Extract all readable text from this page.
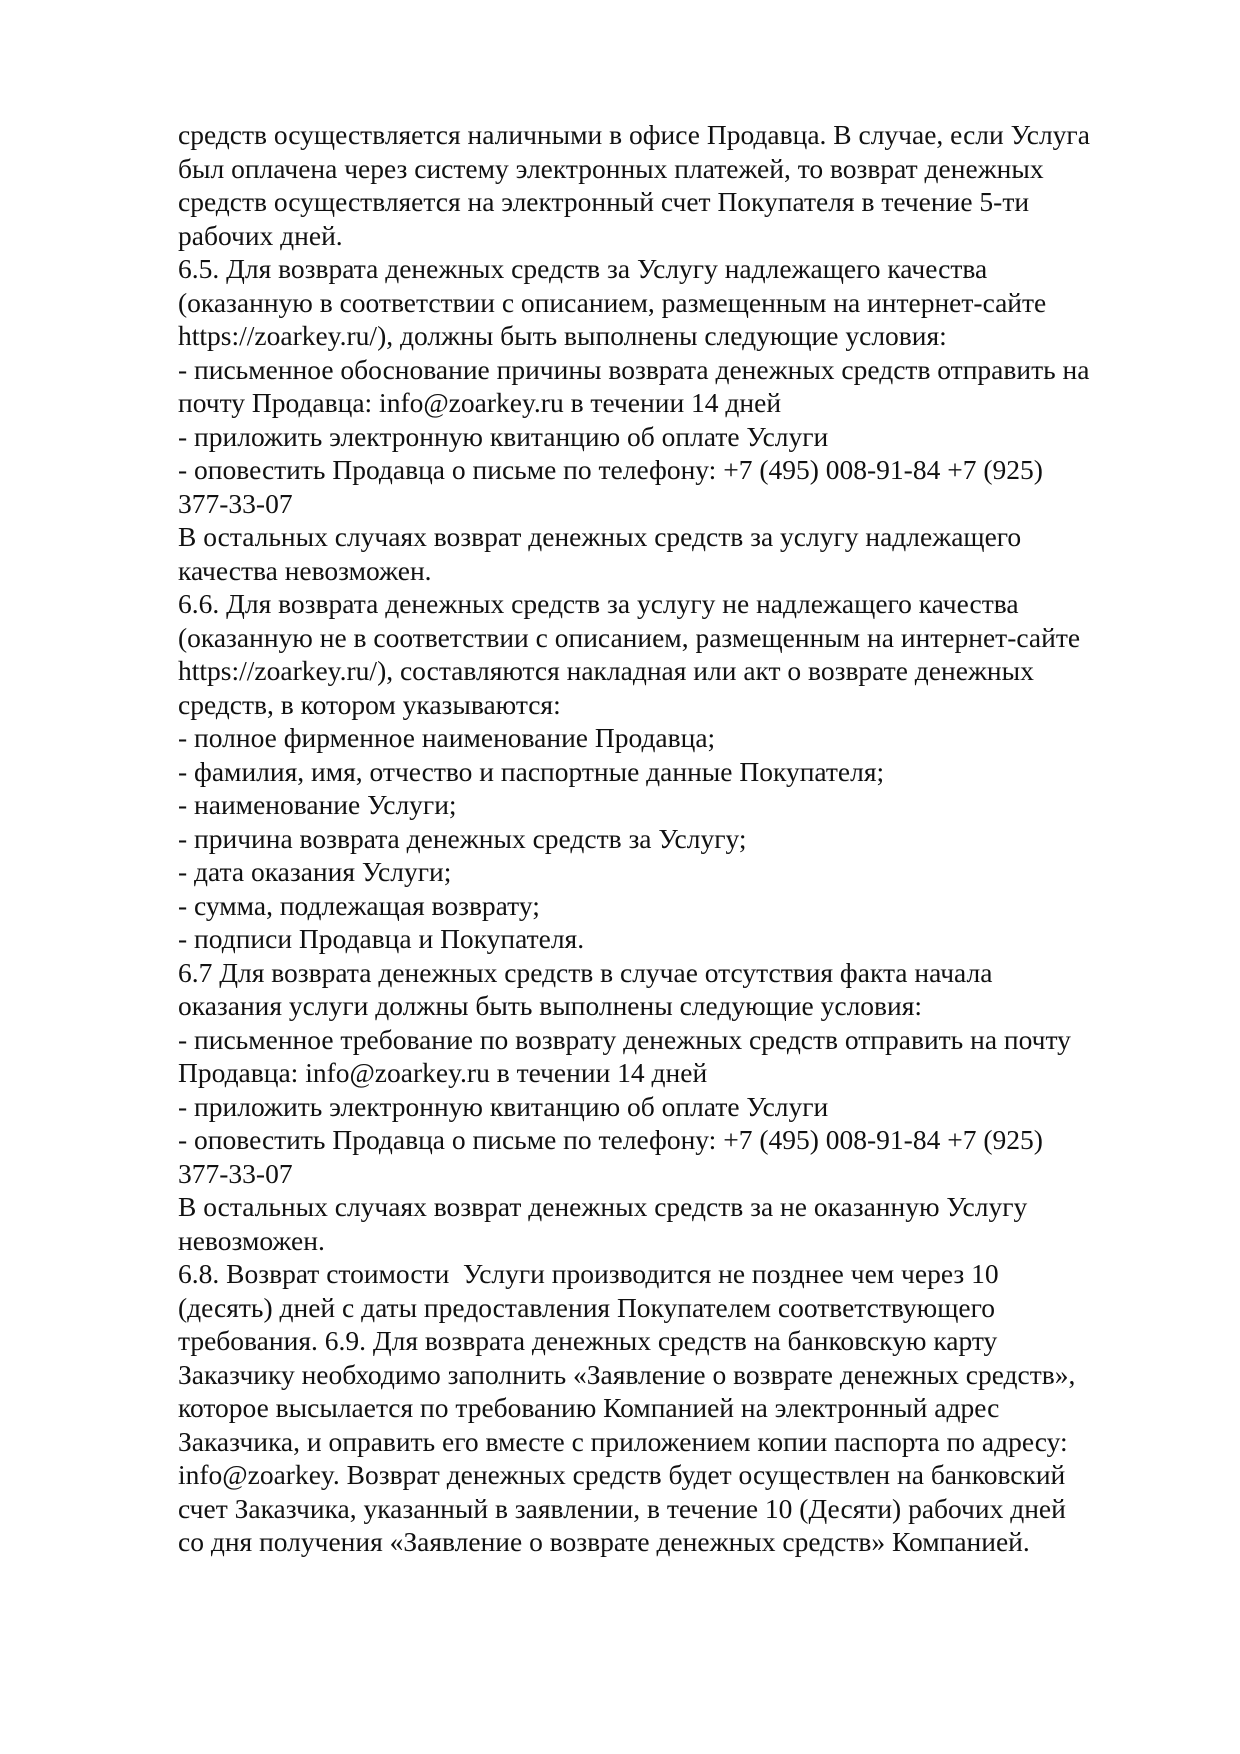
средств осуществляется наличными в офисе Продавца. В случае, если Услуга
был оплачена через систему электронных платежей, то возврат денежных
средств осуществляется на электронный счет Покупателя в течение 5-ти
рабочих дней.
6.5. Для возврата денежных средств за Услугу надлежащего качества
(оказанную в соответствии с описанием, размещенным на интернет-сайте
https://zoarkey.ru/), должны быть выполнены следующие условия:
- письменное обоснование причины возврата денежных средств отправить на
почту Продавца: info@zoarkey.ru в течении 14 дней
- приложить электронную квитанцию об оплате Услуги
- оповестить Продавца о письме по телефону: +7 (495) 008-91-84 +7 (925)
377-33-07
В остальных случаях возврат денежных средств за услугу надлежащего
качества невозможен.
6.6. Для возврата денежных средств за услугу не надлежащего качества
(оказанную не в соответствии с описанием, размещенным на интернет-сайте
https://zoarkey.ru/), составляются накладная или акт о возврате денежных
средств, в котором указываются:
- полное фирменное наименование Продавца;
- фамилия, имя, отчество и паспортные данные Покупателя;
- наименование Услуги;
- причина возврата денежных средств за Услугу;
- дата оказания Услуги;
- сумма, подлежащая возврату;
- подписи Продавца и Покупателя.
6.7 Для возврата денежных средств в случае отсутствия факта начала
оказания услуги должны быть выполнены следующие условия:
- письменное требование по возврату денежных средств отправить на почту
Продавца: info@zoarkey.ru в течении 14 дней
- приложить электронную квитанцию об оплате Услуги
- оповестить Продавца о письме по телефону: +7 (495) 008-91-84 +7 (925)
377-33-07
В остальных случаях возврат денежных средств за не оказанную Услугу
невозможен.
6.8. Возврат стоимости  Услуги производится не позднее чем через 10
(десять) дней с даты предоставления Покупателем соответствующего
требования. 6.9. Для возврата денежных средств на банковскую карту
Заказчику необходимо заполнить «Заявление о возврате денежных средств»,
которое высылается по требованию Компанией на электронный адрес
Заказчика, и оправить его вместе с приложением копии паспорта по адресу:
info@zoarkey. Возврат денежных средств будет осуществлен на банковский
счет Заказчика, указанный в заявлении, в течение 10 (Десяти) рабочих дней
со дня получения «Заявление о возврате денежных средств» Компанией.
